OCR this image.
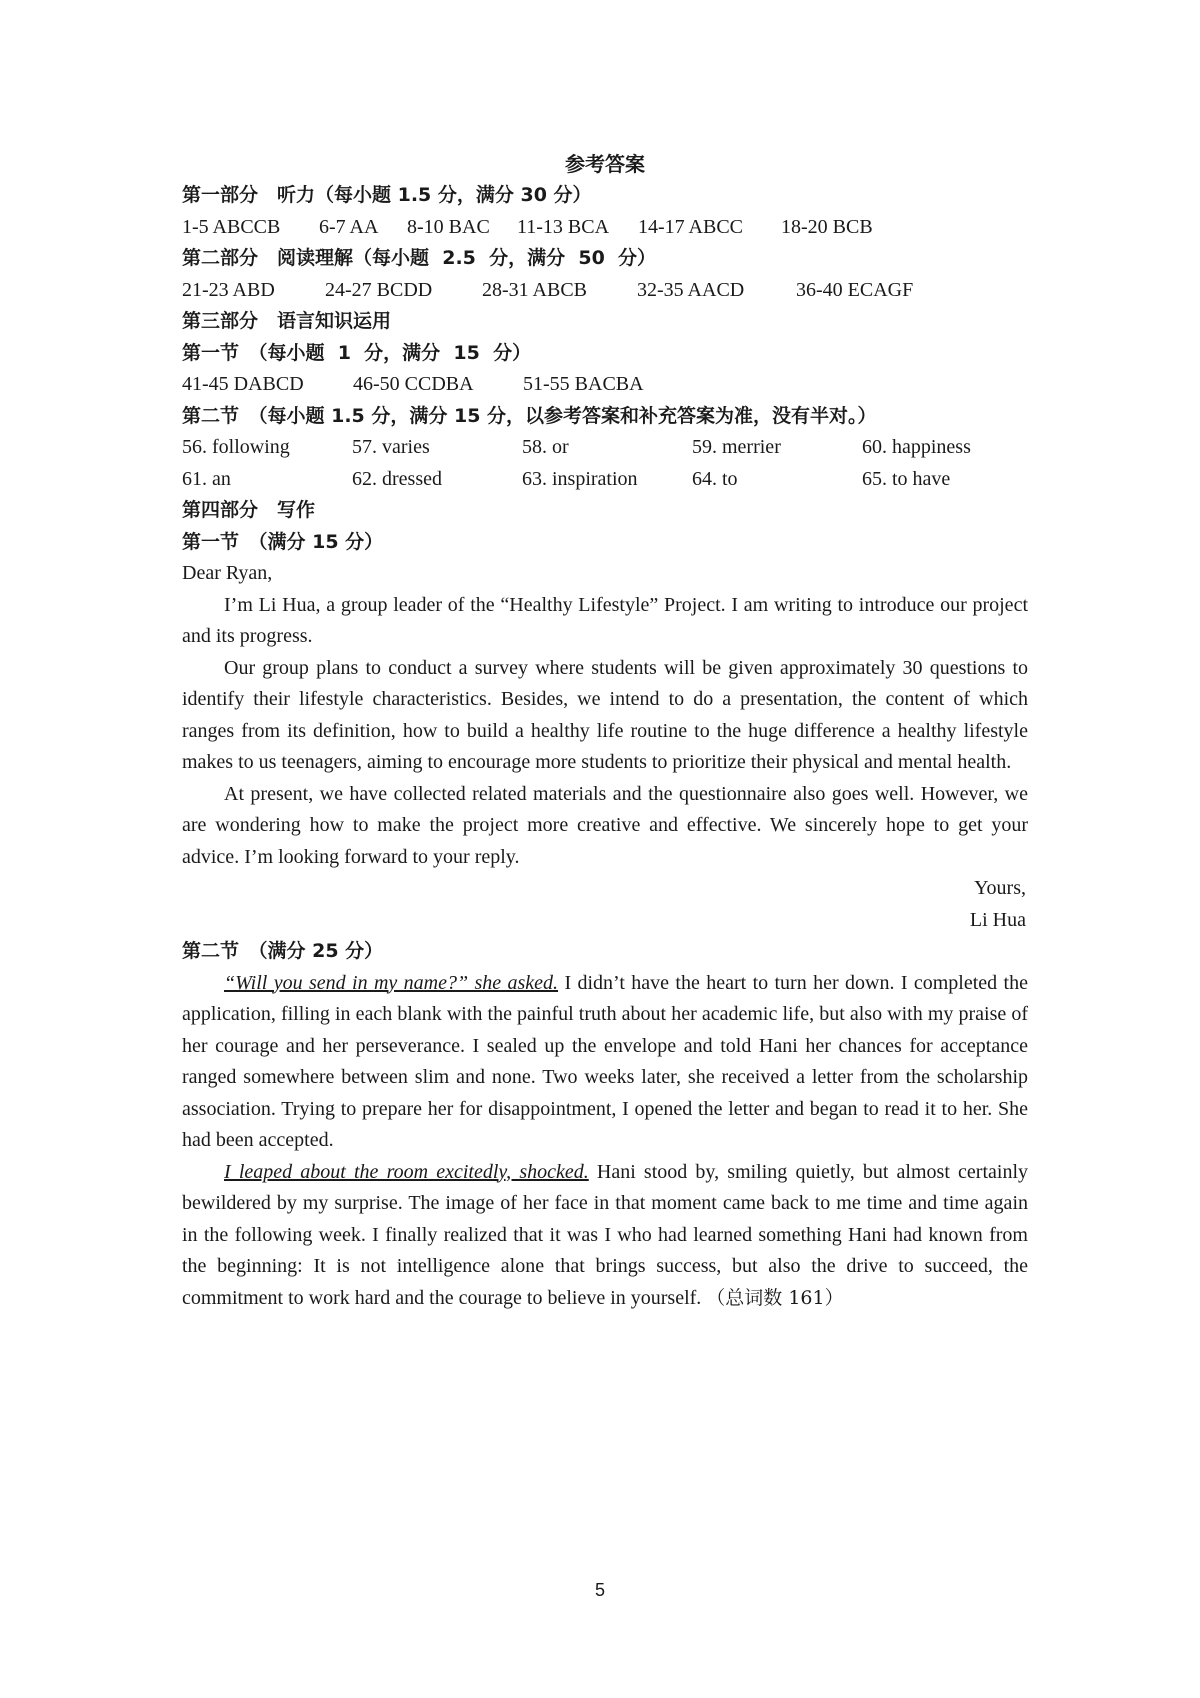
参考答案
第一部分　听力（每小题 1.5 分，满分 30 分）
1-5 ABCCB	6-7 AA	8-10 BAC	11-13 BCA	14-17 ABCC	18-20 BCB
第二部分　阅读理解（每小题  2.5  分，满分  50  分）
21-23 ABD	24-27 BCDD	28-31 ABCB	32-35 AACD	36-40 ECAGF
第三部分　语言知识运用
第一节　（每小题  1  分，满分  15  分）
41-45 DABCD	46-50 CCDBA	51-55 BACBA
第二节　（每小题 1.5 分，满分 15 分，以参考答案和补充答案为准，没有半对。）
56. following	57. varies	58. or	59. merrier	60. happiness
61. an	62. dressed	63. inspiration	64. to	65. to have
第四部分　写作
第一节　（满分 15 分）
Dear Ryan,

I’m Li Hua, a group leader of the “Healthy Lifestyle” Project. I am writing to introduce our project and its progress.

Our group plans to conduct a survey where students will be given approximately 30 questions to identify their lifestyle characteristics. Besides, we intend to do a presentation, the content of which ranges from its definition, how to build a healthy life routine to the huge difference a healthy lifestyle makes to us teenagers, aiming to encourage more students to prioritize their physical and mental health.

At present, we have collected related materials and the questionnaire also goes well. However, we are wondering how to make the project more creative and effective. We sincerely hope to get your advice. I’m looking forward to your reply.

Yours,
Li Hua
第二节　（满分 25 分）

“Will you send in my name?” she asked. I didn’t have the heart to turn her down. I completed the application, filling in each blank with the painful truth about her academic life, but also with my praise of her courage and her perseverance. I sealed up the envelope and told Hani her chances for acceptance ranged somewhere between slim and none. Two weeks later, she received a letter from the scholarship association. Trying to prepare her for disappointment, I opened the letter and began to read it to her. She had been accepted.

I leaped about the room excitedly, shocked. Hani stood by, smiling quietly, but almost certainly bewildered by my surprise. The image of her face in that moment came back to me time and time again in the following week. I finally realized that it was I who had learned something Hani had known from the beginning: It is not intelligence alone that brings success, but also the drive to succeed, the commitment to work hard and the courage to believe in yourself. （总词数 161）

5
